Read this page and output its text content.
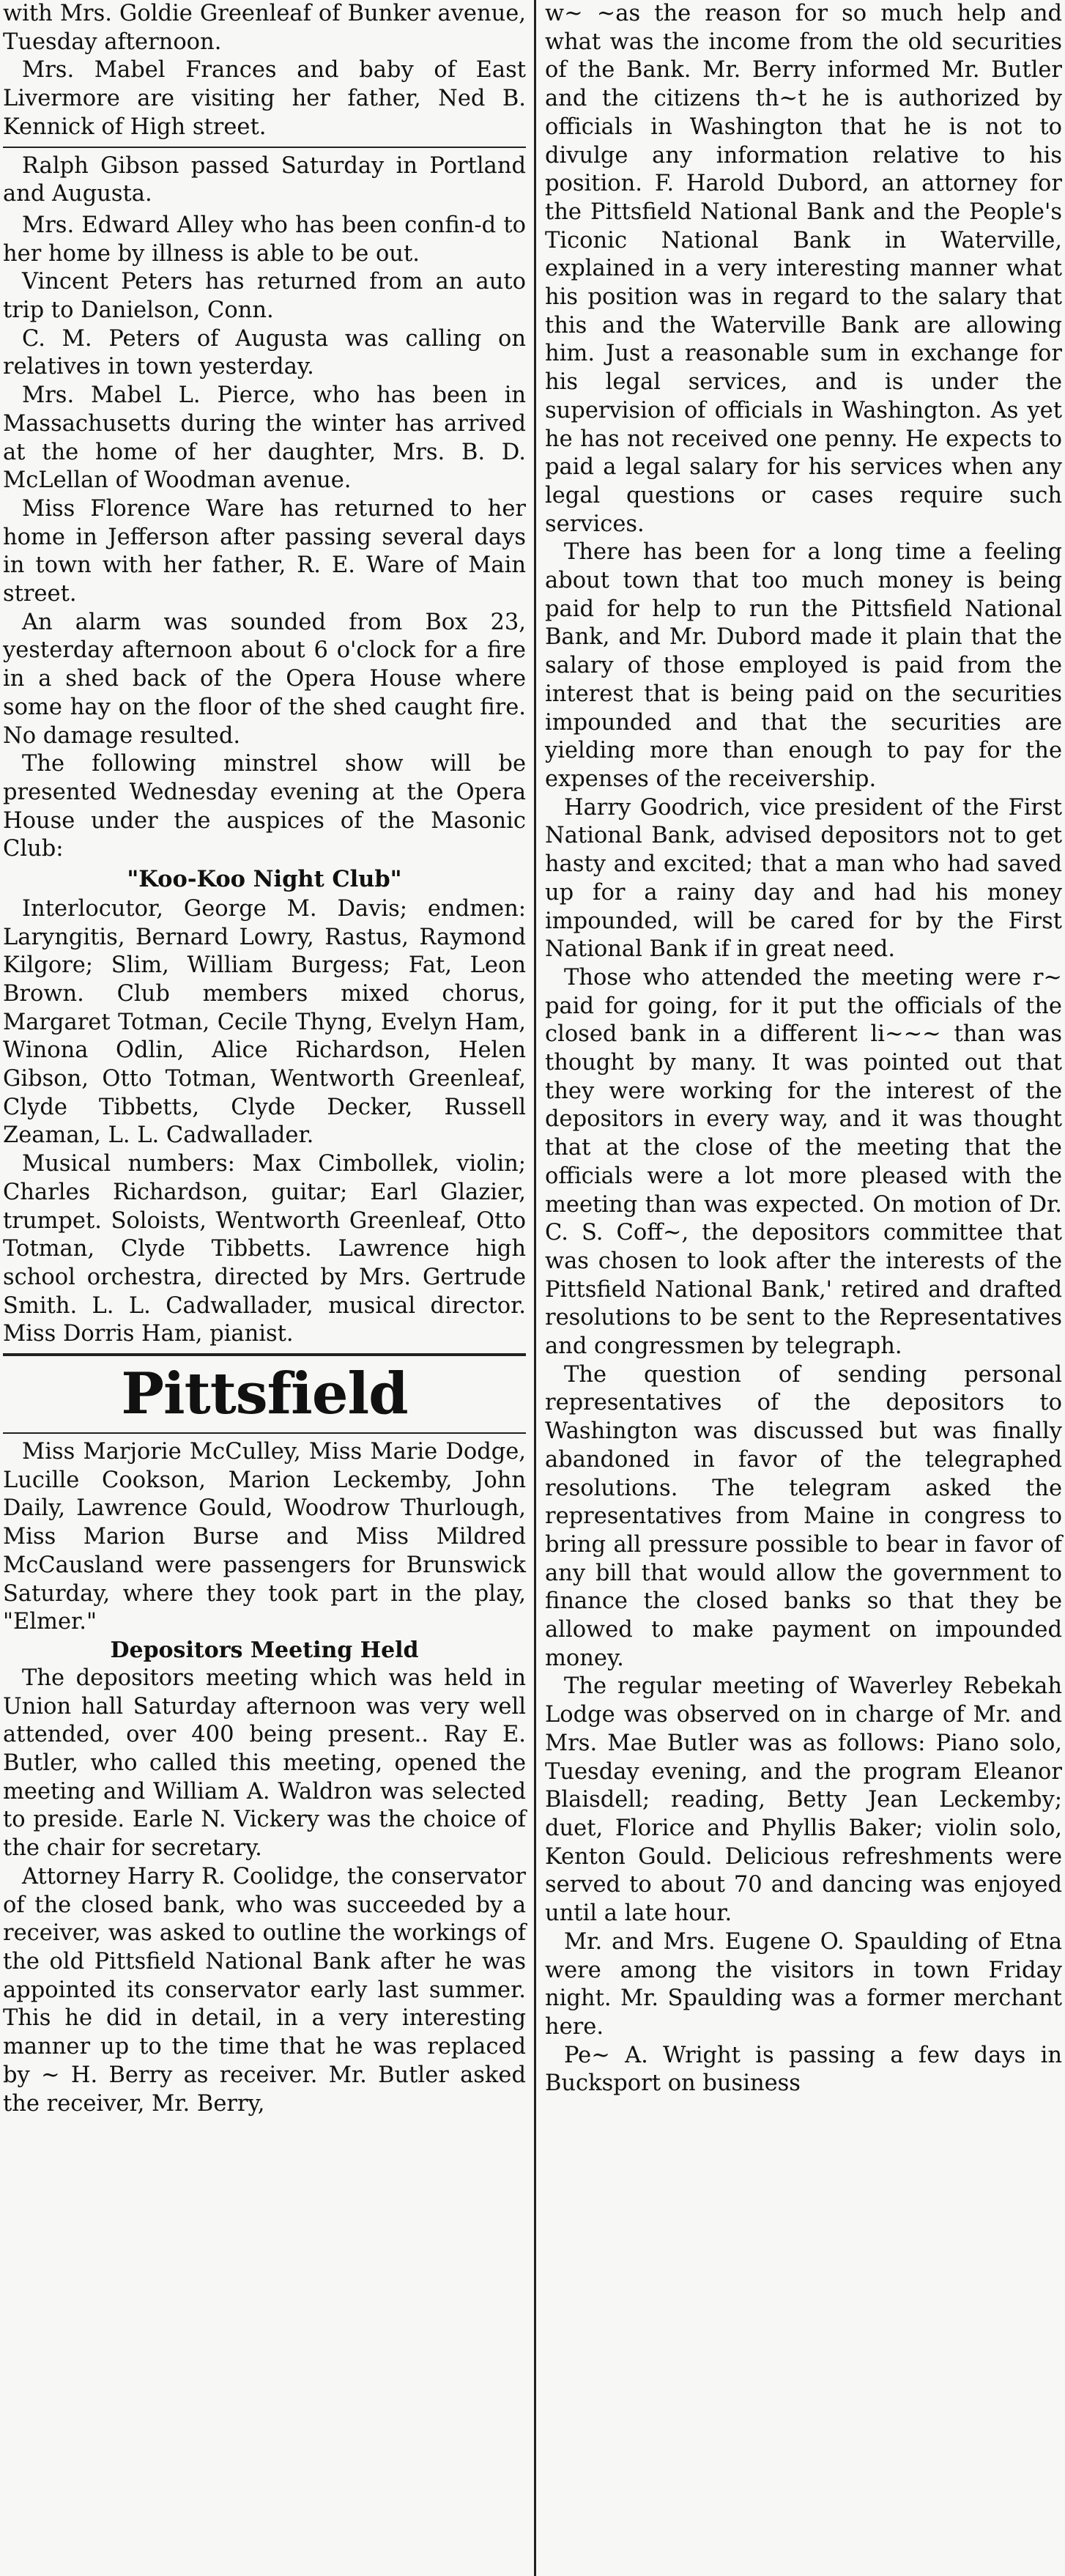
with Mrs. Goldie Greenleaf of Bunker avenue, Tuesday afternoon.

Mrs. Mabel Frances and baby of East Livermore are visiting her father, Ned B. Kennick of High street.

Ralph Gibson passed Saturday in Portland and Augusta.

Mrs. Edward Alley who has been confin-d to her home by illness is able to be out.

Vincent Peters has returned from an auto trip to Danielson, Conn.

C. M. Peters of Augusta was calling on relatives in town yesterday.

Mrs. Mabel L. Pierce, who has been in Massachusetts during the winter has arrived at the home of her daughter, Mrs. B. D. McLellan of Woodman avenue.

Miss Florence Ware has returned to her home in Jefferson after passing several days in town with her father, R. E. Ware of Main street.

An alarm was sounded from Box 23, yesterday afternoon about 6 o'clock for a fire in a shed back of the Opera House where some hay on the floor of the shed caught fire. No damage resulted.

The following minstrel show will be presented Wednesday evening at the Opera House under the auspices of the Masonic Club:

"Koo-Koo Night Club"

Interlocutor, George M. Davis; endmen: Laryngitis, Bernard Lowry, Rastus, Raymond Kilgore; Slim, William Burgess; Fat, Leon Brown. Club members mixed chorus, Margaret Totman, Cecile Thyng, Evelyn Ham, Winona Odlin, Alice Richardson, Helen Gibson, Otto Totman, Wentworth Greenleaf, Clyde Tibbetts, Clyde Decker, Russell Zeaman, L. L. Cadwallader.

Musical numbers: Max Cimbollek, violin; Charles Richardson, guitar; Earl Glazier, trumpet. Soloists, Wentworth Greenleaf, Otto Totman, Clyde Tibbetts. Lawrence high school orchestra, directed by Mrs. Gertrude Smith. L. L. Cadwallader, musical director. Miss Dorris Ham, pianist.

Pittsfield

Miss Marjorie McCulley, Miss Marie Dodge, Lucille Cookson, Marion Leckemby, John Daily, Lawrence Gould, Woodrow Thurlough, Miss Marion Burse and Miss Mildred McCausland were passengers for Brunswick Saturday, where they took part in the play, "Elmer."

Depositors Meeting Held

The depositors meeting which was held in Union hall Saturday afternoon was very well attended, over 400 being present.. Ray E. Butler, who called this meeting, opened the meeting and William A. Waldron was selected to preside. Earle N. Vickery was the choice of the chair for secretary.

Attorney Harry R. Coolidge, the conservator of the closed bank, who was succeeded by a receiver, was asked to outline the workings of the old Pittsfield National Bank after he was appointed its conservator early last summer. This he did in detail, in a very interesting manner up to the time that he was replaced by ~ H. Berry as receiver. Mr. Butler asked the receiver, Mr. Berry,

w~ ~as the reason for so much help and what was the income from the old securities of the Bank. Mr. Berry informed Mr. Butler and the citizens th~t he is authorized by officials in Washington that he is not to divulge any information relative to his position. F. Harold Dubord, an attorney for the Pittsfield National Bank and the People's Ticonic National Bank in Waterville, explained in a very interesting manner what his position was in regard to the salary that this and the Waterville Bank are allowing him. Just a reasonable sum in exchange for his legal services, and is under the supervision of officials in Washington. As yet he has not received one penny. He expects to paid a legal salary for his services when any legal questions or cases require such services.

There has been for a long time a feeling about town that too much money is being paid for help to run the Pittsfield National Bank, and Mr. Dubord made it plain that the salary of those employed is paid from the interest that is being paid on the securities impounded and that the securities are yielding more than enough to pay for the expenses of the receivership.

Harry Goodrich, vice president of the First National Bank, advised depositors not to get hasty and excited; that a man who had saved up for a rainy day and had his money impounded, will be cared for by the First National Bank if in great need.

Those who attended the meeting were r~ paid for going, for it put the officials of the closed bank in a different li~~~ than was thought by many. It was pointed out that they were working for the interest of the depositors in every way, and it was thought that at the close of the meeting that the officials were a lot more pleased with the meeting than was expected. On motion of Dr. C. S. Coff~, the depositors committee that was chosen to look after the interests of the Pittsfield National Bank,' retired and drafted resolutions to be sent to the Representatives and congressmen by telegraph.

The question of sending personal representatives of the depositors to Washington was discussed but was finally abandoned in favor of the telegraphed resolutions. The telegram asked the representatives from Maine in congress to bring all pressure possible to bear in favor of any bill that would allow the government to finance the closed banks so that they be allowed to make payment on impounded money.

The regular meeting of Waverley Rebekah Lodge was observed on in charge of Mr. and Mrs. Mae Butler was as follows: Piano solo, Tuesday evening, and the program Eleanor Blaisdell; reading, Betty Jean Leckemby; duet, Florice and Phyllis Baker; violin solo, Kenton Gould. Delicious refreshments were served to about 70 and dancing was enjoyed until a late hour.

Mr. and Mrs. Eugene O. Spaulding of Etna were among the visitors in town Friday night. Mr. Spaulding was a former merchant here.

Pe~ A. Wright is passing a few days in Bucksport on business
